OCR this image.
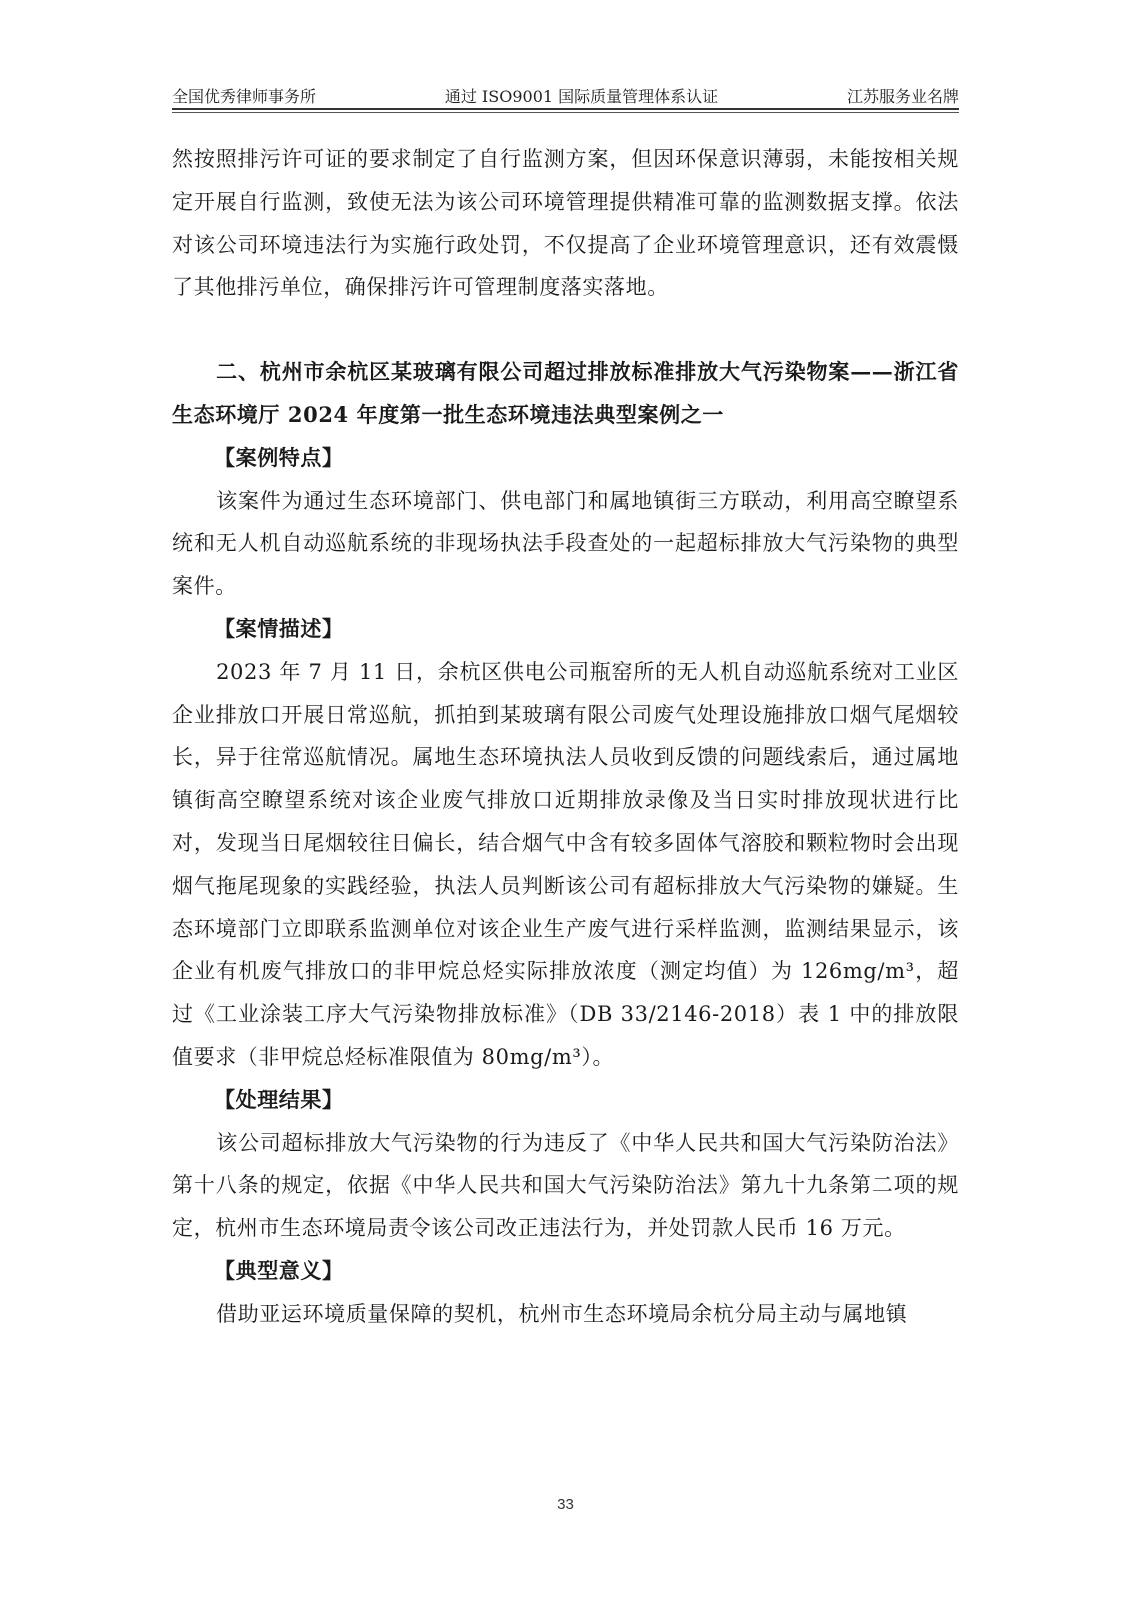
全国优秀律师事务所	通过 ISO9001 国际质量管理体系认证	江苏服务业名牌

然按照排污许可证的要求制定了自行监测方案，但因环保意识薄弱，未能按相关规定开展自行监测，致使无法为该公司环境管理提供精准可靠的监测数据支撑。依法对该公司环境违法行为实施行政处罚，不仅提高了企业环境管理意识，还有效震慑了其他排污单位，确保排污许可管理制度落实落地。

二、杭州市余杭区某玻璃有限公司超过排放标准排放大气污染物案——浙江省生态环境厅 2024 年度第一批生态环境违法典型案例之一

【案例特点】

该案件为通过生态环境部门、供电部门和属地镇街三方联动，利用高空瞭望系统和无人机自动巡航系统的非现场执法手段查处的一起超标排放大气污染物的典型案件。

【案情描述】

2023 年 7 月 11 日，余杭区供电公司瓶窑所的无人机自动巡航系统对工业区企业排放口开展日常巡航，抓拍到某玻璃有限公司废气处理设施排放口烟气尾烟较长，异于往常巡航情况。属地生态环境执法人员收到反馈的问题线索后，通过属地镇街高空瞭望系统对该企业废气排放口近期排放录像及当日实时排放现状进行比对，发现当日尾烟较往日偏长，结合烟气中含有较多固体气溶胶和颗粒物时会出现烟气拖尾现象的实践经验，执法人员判断该公司有超标排放大气污染物的嫌疑。生态环境部门立即联系监测单位对该企业生产废气进行采样监测，监测结果显示，该企业有机废气排放口的非甲烷总烃实际排放浓度（测定均值）为 126mg/m³，超过《工业涂装工序大气污染物排放标准》（DB 33/2146-2018）表 1 中的排放限值要求（非甲烷总烃标准限值为 80mg/m³）。

【处理结果】

该公司超标排放大气污染物的行为违反了《中华人民共和国大气污染防治法》第十八条的规定，依据《中华人民共和国大气污染防治法》第九十九条第二项的规定，杭州市生态环境局责令该公司改正违法行为，并处罚款人民币 16 万元。

【典型意义】

借助亚运环境质量保障的契机，杭州市生态环境局余杭分局主动与属地镇

33
